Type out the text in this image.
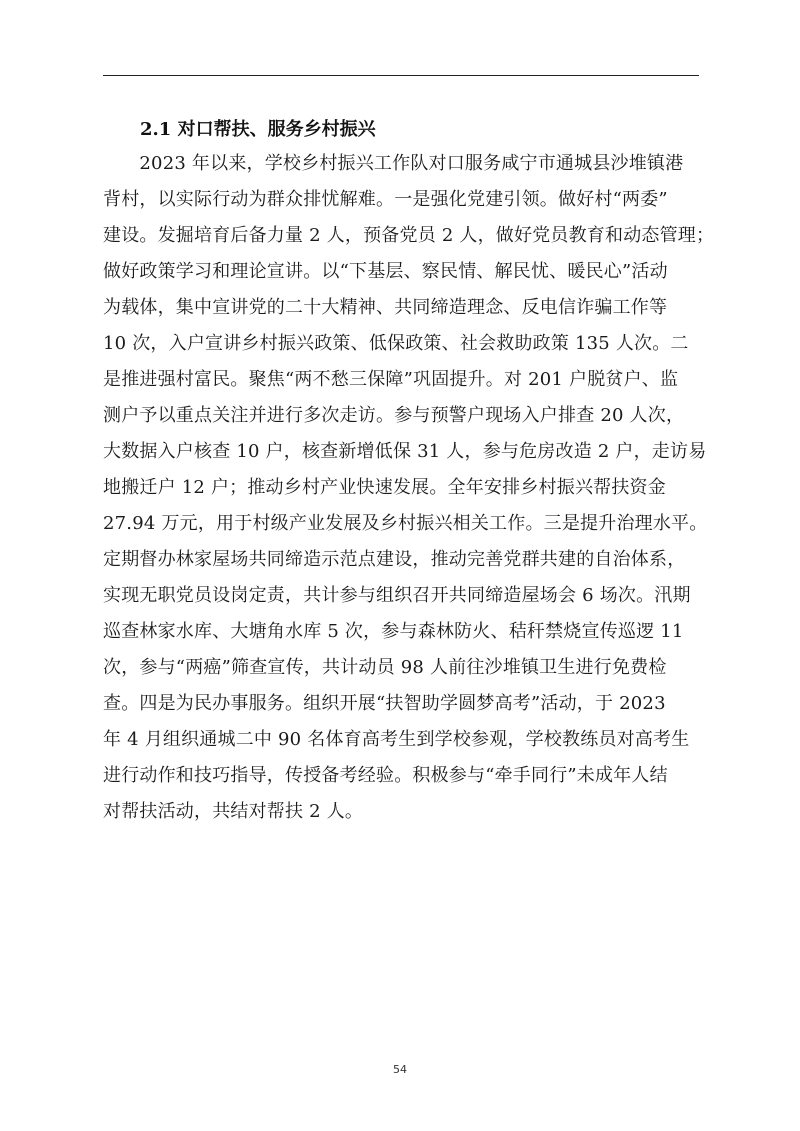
2.1 对口帮扶、服务乡村振兴
　　2023 年以来，学校乡村振兴工作队对口服务咸宁市通城县沙堆镇港
背村，以实际行动为群众排忧解难。一是强化党建引领。做好村“两委”
建设。发掘培育后备力量 2 人，预备党员 2 人，做好党员教育和动态管理；
做好政策学习和理论宣讲。以“下基层、察民情、解民忧、暖民心”活动
为载体，集中宣讲党的二十大精神、共同缔造理念、反电信诈骗工作等
10 次，入户宣讲乡村振兴政策、低保政策、社会救助政策 135 人次。二
是推进强村富民。聚焦“两不愁三保障”巩固提升。对 201 户脱贫户、监
测户予以重点关注并进行多次走访。参与预警户现场入户排查 20 人次，
大数据入户核查 10 户，核查新增低保 31 人，参与危房改造 2 户，走访易
地搬迁户 12 户；推动乡村产业快速发展。全年安排乡村振兴帮扶资金
27.94 万元，用于村级产业发展及乡村振兴相关工作。三是提升治理水平。
定期督办林家屋场共同缔造示范点建设，推动完善党群共建的自治体系，
实现无职党员设岗定责，共计参与组织召开共同缔造屋场会 6 场次。汛期
巡查林家水库、大塘角水库 5 次，参与森林防火、秸秆禁烧宣传巡逻 11
次，参与“两癌”筛查宣传，共计动员 98 人前往沙堆镇卫生进行免费检
查。四是为民办事服务。组织开展“扶智助学圆梦高考”活动，于 2023
年 4 月组织通城二中 90 名体育高考生到学校参观，学校教练员对高考生
进行动作和技巧指导，传授备考经验。积极参与“牵手同行”未成年人结
对帮扶活动，共结对帮扶 2 人。
54
